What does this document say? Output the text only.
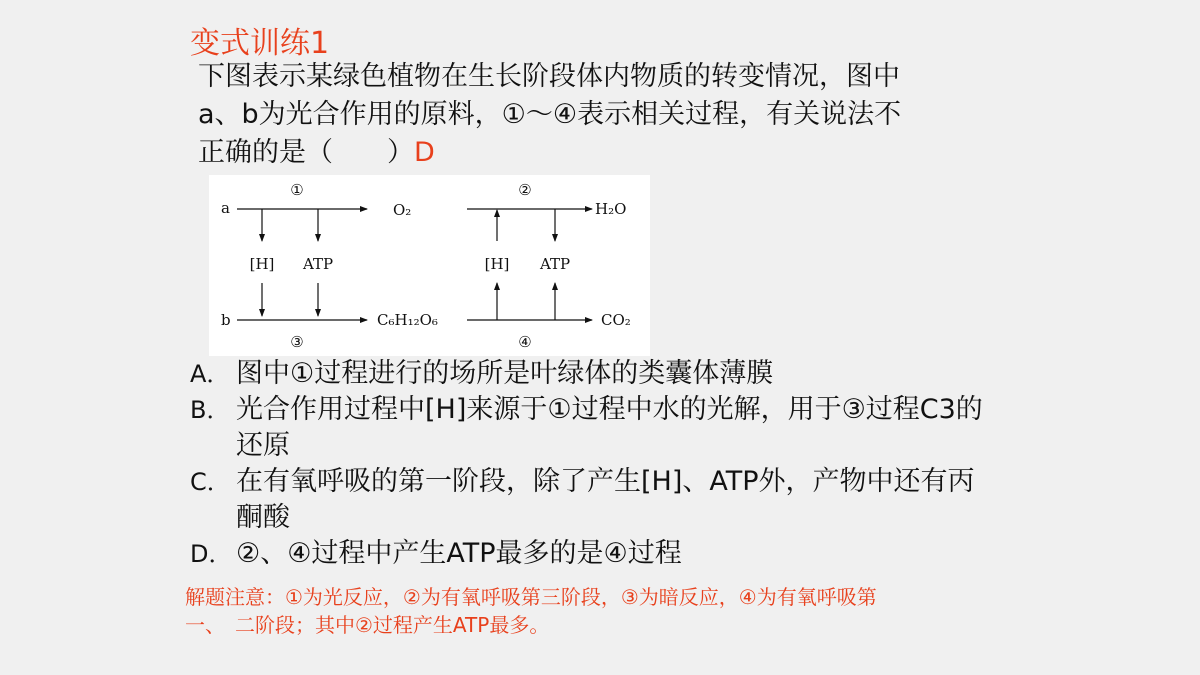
变式训练1
下图表示某绿色植物在生长阶段体内物质的转变情况，图中
a、b为光合作用的原料，①～④表示相关过程，有关说法不
正确的是（　　）D
①
a	O₂
[H] ATP
b	C₆H₁₂O₆
③
②
H₂O
[H] ATP
CO₂
④
A． 图中①过程进行的场所是叶绿体的类囊体薄膜
B． 光合作用过程中[H]来源于①过程中水的光解，用于③过程C3的还原
C． 在有氧呼吸的第一阶段，除了产生[H]、ATP外，产物中还有丙酮酸
D． ②、④过程中产生ATP最多的是④过程
解题注意：①为光反应，②为有氧呼吸第三阶段，③为暗反应，④为有氧呼吸第
一、　二阶段；其中②过程产生ATP最多。
